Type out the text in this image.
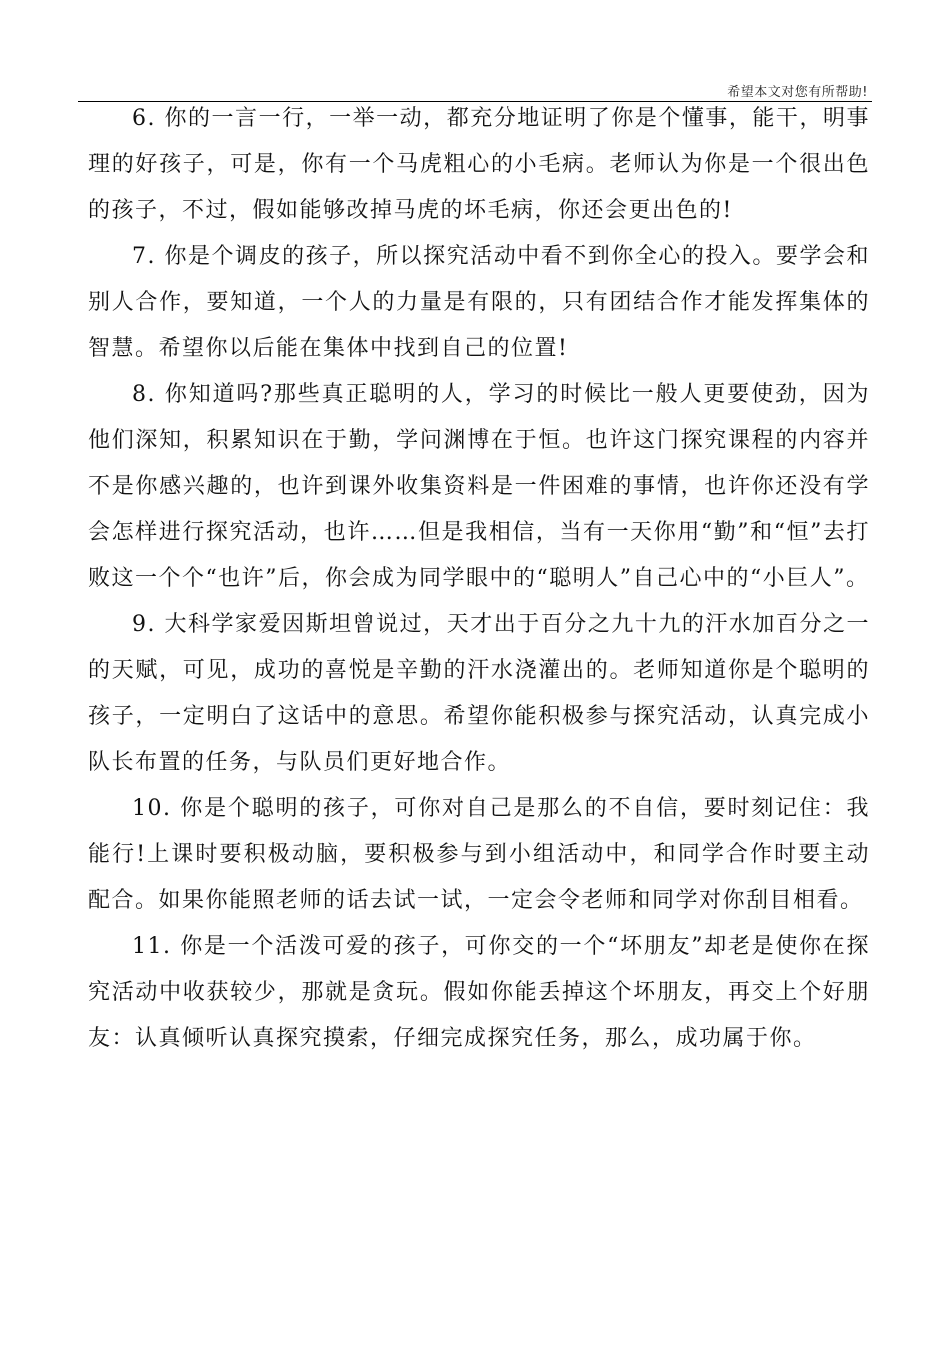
希望本文对您有所帮助!

6. 你的一言一行，一举一动，都充分地证明了你是个懂事，能干，明事理的好孩子，可是，你有一个马虎粗心的小毛病。老师认为你是一个很出色的孩子，不过，假如能够改掉马虎的坏毛病，你还会更出色的!

7. 你是个调皮的孩子，所以探究活动中看不到你全心的投入。要学会和别人合作，要知道，一个人的力量是有限的，只有团结合作才能发挥集体的智慧。希望你以后能在集体中找到自己的位置!

8. 你知道吗?那些真正聪明的人，学习的时候比一般人更要使劲，因为他们深知，积累知识在于勤，学问渊博在于恒。也许这门探究课程的内容并不是你感兴趣的，也许到课外收集资料是一件困难的事情，也许你还没有学会怎样进行探究活动，也许……但是我相信，当有一天你用“勤”和“恒”去打败这一个个“也许”后，你会成为同学眼中的“聪明人”自己心中的“小巨人”。

9. 大科学家爱因斯坦曾说过，天才出于百分之九十九的汗水加百分之一的天赋，可见，成功的喜悦是辛勤的汗水浇灌出的。老师知道你是个聪明的孩子，一定明白了这话中的意思。希望你能积极参与探究活动，认真完成小队长布置的任务，与队员们更好地合作。

10. 你是个聪明的孩子，可你对自己是那么的不自信，要时刻记住：我能行!上课时要积极动脑，要积极参与到小组活动中，和同学合作时要主动配合。如果你能照老师的话去试一试，一定会令老师和同学对你刮目相看。

11. 你是一个活泼可爱的孩子，可你交的一个“坏朋友”却老是使你在探究活动中收获较少，那就是贪玩。假如你能丢掉这个坏朋友，再交上个好朋友：认真倾听认真探究摸索，仔细完成探究任务，那么，成功属于你。
